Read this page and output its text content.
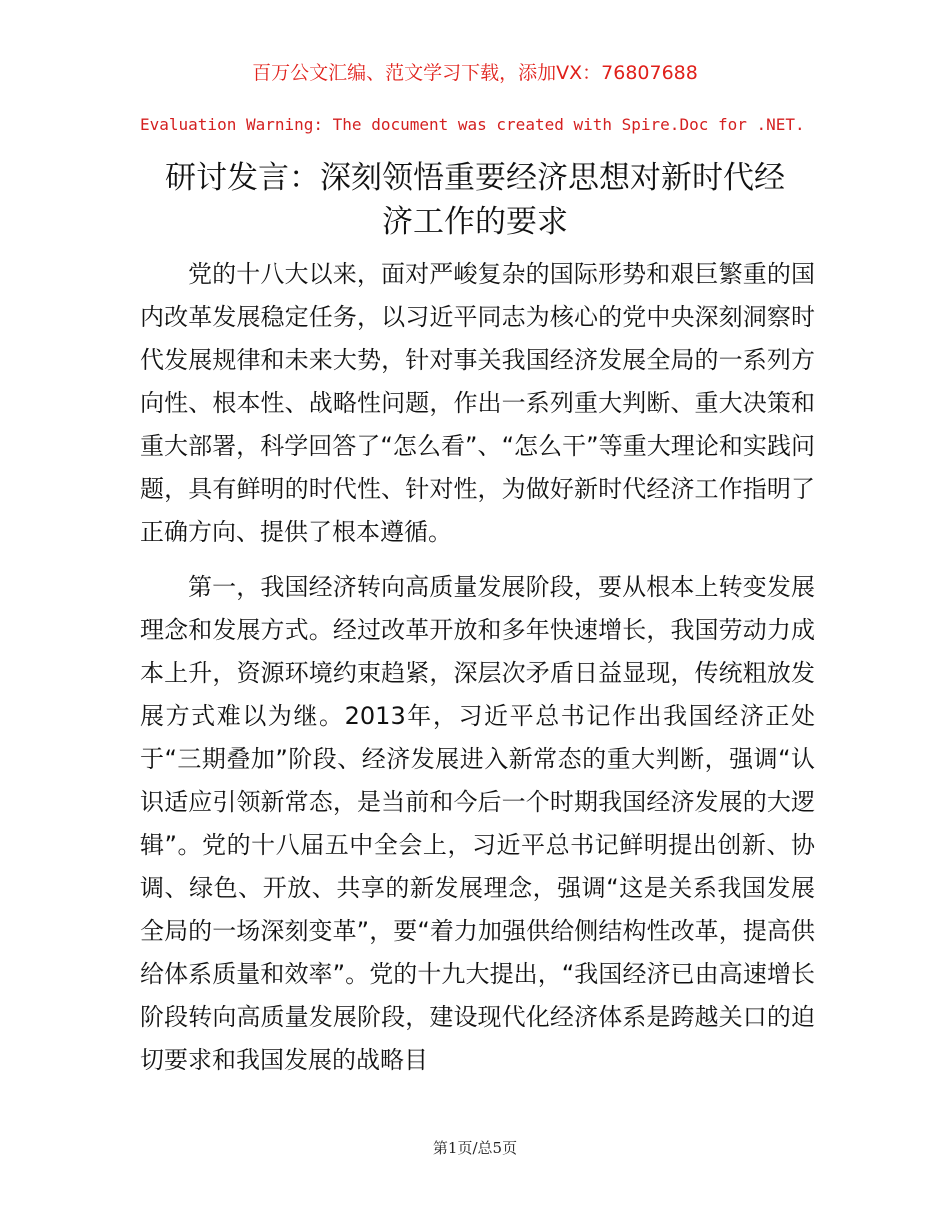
百万公文汇编、范文学习下载，添加VX：76807688
Evaluation Warning: The document was created with Spire.Doc for .NET.
研讨发言：深刻领悟重要经济思想对新时代经
济工作的要求

党的十八大以来，面对严峻复杂的国际形势和艰巨繁重的国内改革发展稳定任务，以习近平同志为核心的党中央深刻洞察时代发展规律和未来大势，针对事关我国经济发展全局的一系列方向性、根本性、战略性问题，作出一系列重大判断、重大决策和重大部署，科学回答了“怎么看”、“怎么干”等重大理论和实践问题，具有鲜明的时代性、针对性，为做好新时代经济工作指明了正确方向、提供了根本遵循。

第一，我国经济转向高质量发展阶段，要从根本上转变发展理念和发展方式。经过改革开放和多年快速增长，我国劳动力成本上升，资源环境约束趋紧，深层次矛盾日益显现，传统粗放发展方式难以为继。2013年，习近平总书记作出我国经济正处于“三期叠加”阶段、经济发展进入新常态的重大判断，强调“认识适应引领新常态，是当前和今后一个时期我国经济发展的大逻辑”。党的十八届五中全会上，习近平总书记鲜明提出创新、协调、绿色、开放、共享的新发展理念，强调“这是关系我国发展全局的一场深刻变革”，要“着力加强供给侧结构性改革，提高供给体系质量和效率”。党的十九大提出，“我国经济已由高速增长阶段转向高质量发展阶段，建设现代化经济体系是跨越关口的迫切要求和我国发展的战略目

第1页/总5页
